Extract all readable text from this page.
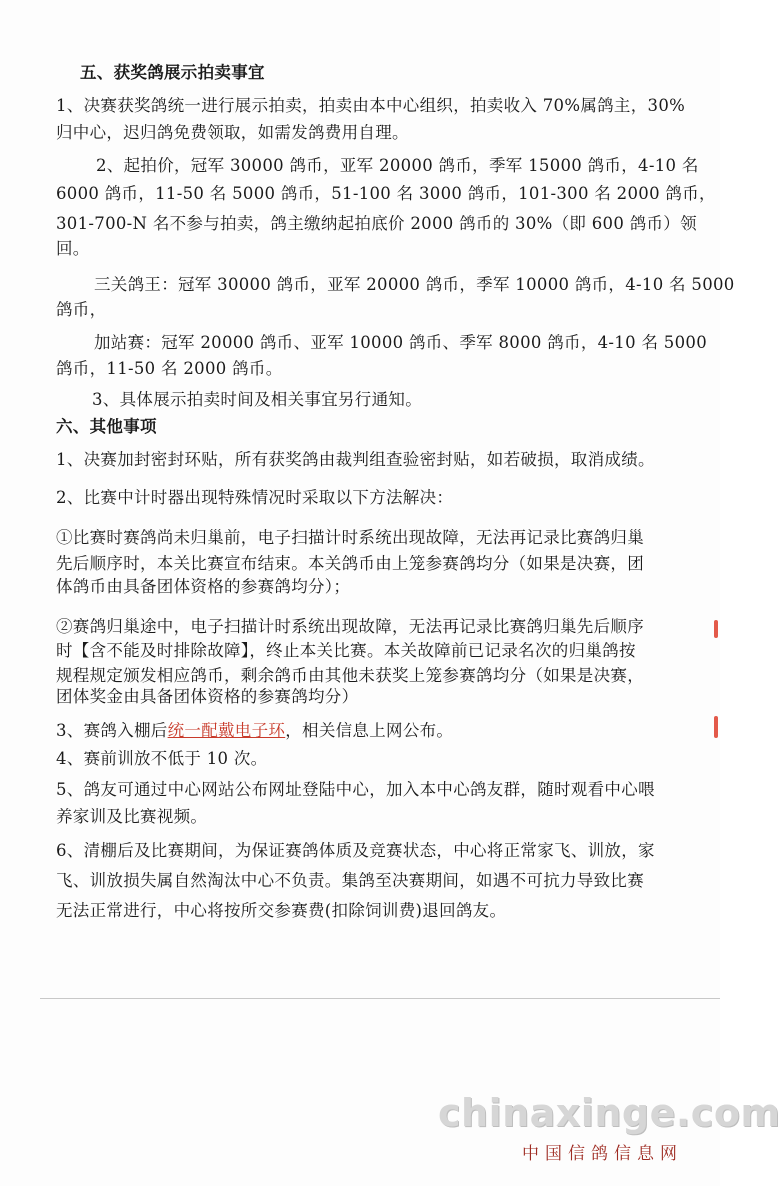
五、获奖鸽展示拍卖事宜
1、决赛获奖鸽统一进行展示拍卖，拍卖由本中心组织，拍卖收入 70%属鸽主，30%
归中心，迟归鸽免费领取，如需发鸽费用自理。
2、起拍价，冠军 30000 鸽币，亚军 20000 鸽币，季军 15000 鸽币，4-10 名
6000 鸽币，11-50 名 5000 鸽币，51-100 名 3000 鸽币，101-300 名 2000 鸽币，
301-700-N 名不参与拍卖，鸽主缴纳起拍底价 2000 鸽币的 30%（即 600 鸽币）领
回。
三关鸽王：冠军 30000 鸽币，亚军 20000 鸽币，季军 10000 鸽币，4-10 名 5000
鸽币，
加站赛：冠军 20000 鸽币、亚军 10000 鸽币、季军 8000 鸽币，4-10 名 5000
鸽币，11-50 名 2000 鸽币。
3、具体展示拍卖时间及相关事宜另行通知。
六、其他事项
1、决赛加封密封环贴，所有获奖鸽由裁判组查验密封贴，如若破损，取消成绩。
2、比赛中计时器出现特殊情况时采取以下方法解决：
①比赛时赛鸽尚未归巢前，电子扫描计时系统出现故障，无法再记录比赛鸽归巢
先后顺序时，本关比赛宣布结束。本关鸽币由上笼参赛鸽均分（如果是决赛，团
体鸽币由具备团体资格的参赛鸽均分）；
②赛鸽归巢途中，电子扫描计时系统出现故障，无法再记录比赛鸽归巢先后顺序
时【含不能及时排除故障】，终止本关比赛。本关故障前已记录名次的归巢鸽按
规程规定颁发相应鸽币，剩余鸽币由其他未获奖上笼参赛鸽均分（如果是决赛，
团体奖金由具备团体资格的参赛鸽均分）
3、赛鸽入棚后统一配戴电子环，相关信息上网公布。
4、赛前训放不低于 10 次。
5、鸽友可通过中心网站公布网址登陆中心，加入本中心鸽友群，随时观看中心喂
养家训及比赛视频。
6、清棚后及比赛期间，为保证赛鸽体质及竞赛状态，中心将正常家飞、训放，家
飞、训放损失属自然淘汰中心不负责。集鸽至决赛期间，如遇不可抗力导致比赛
无法正常进行，中心将按所交参赛费(扣除饲训费)退回鸽友。
chinaxinge.com
中国信鸽信息网
